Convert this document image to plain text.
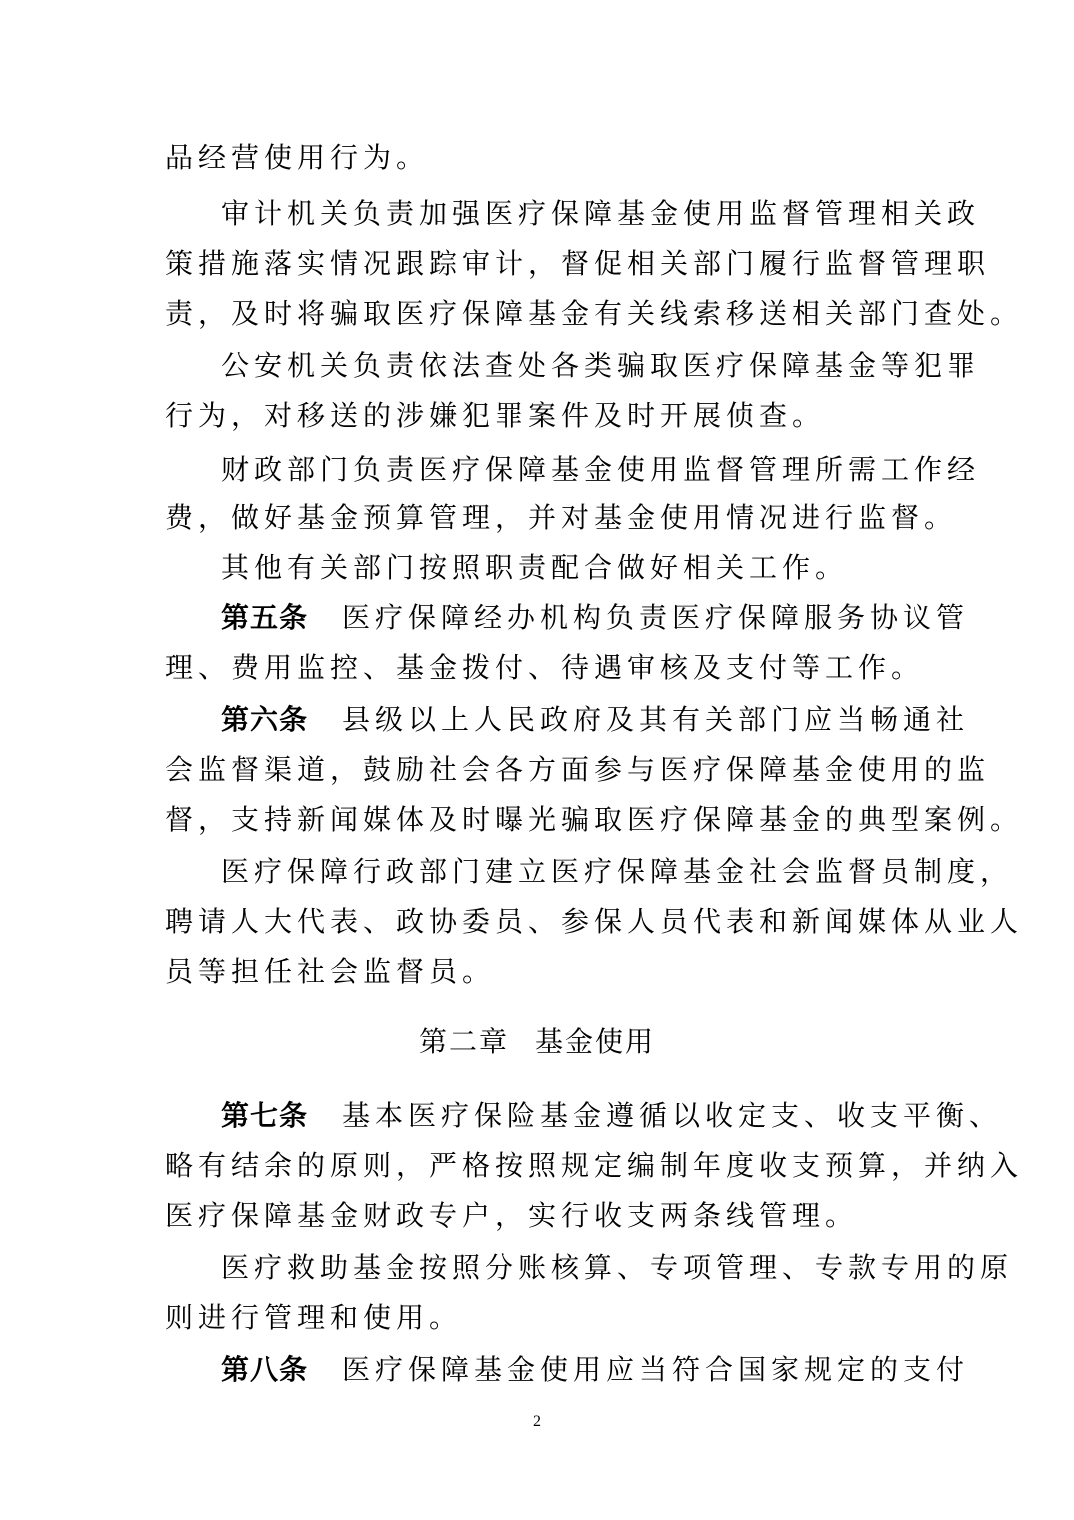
品经营使用行为。
审计机关负责加强医疗保障基金使用监督管理相关政
策措施落实情况跟踪审计，督促相关部门履行监督管理职
责，及时将骗取医疗保障基金有关线索移送相关部门查处。
公安机关负责依法查处各类骗取医疗保障基金等犯罪
行为，对移送的涉嫌犯罪案件及时开展侦查。
财政部门负责医疗保障基金使用监督管理所需工作经
费，做好基金预算管理，并对基金使用情况进行监督。
其他有关部门按照职责配合做好相关工作。
第五条 医疗保障经办机构负责医疗保障服务协议管
理、费用监控、基金拨付、待遇审核及支付等工作。
第六条 县级以上人民政府及其有关部门应当畅通社
会监督渠道，鼓励社会各方面参与医疗保障基金使用的监
督，支持新闻媒体及时曝光骗取医疗保障基金的典型案例。
医疗保障行政部门建立医疗保障基金社会监督员制度，
聘请人大代表、政协委员、参保人员代表和新闻媒体从业人
员等担任社会监督员。
第二章 基金使用
第七条 基本医疗保险基金遵循以收定支、收支平衡、
略有结余的原则，严格按照规定编制年度收支预算，并纳入
医疗保障基金财政专户，实行收支两条线管理。
医疗救助基金按照分账核算、专项管理、专款专用的原
则进行管理和使用。
第八条 医疗保障基金使用应当符合国家规定的支付
2
